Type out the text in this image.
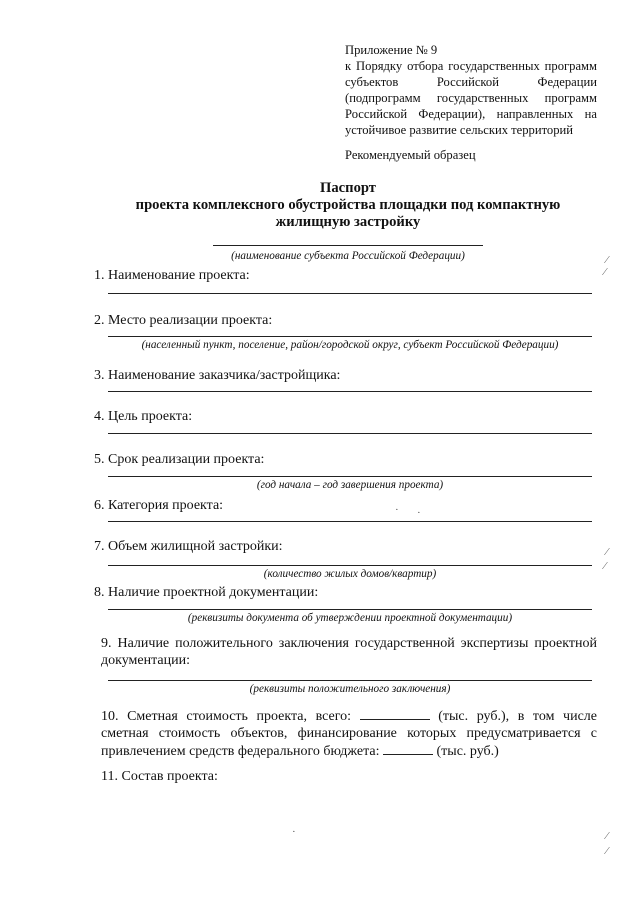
Приложение № 9
к Порядку отбора государственных программ субъектов Российской Федерации (подпрограмм государственных программ Российской Федерации), направленных на устойчивое развитие сельских территорий
Рекомендуемый образец
Паспорт
проекта комплексного обустройства площадки под компактную
жилищную застройку
(наименование субъекта Российской Федерации)
1. Наименование проекта:
2. Место реализации проекта:
(населенный пункт, поселение, район/городской округ, субъект Российской Федерации)
3. Наименование заказчика/застройщика:
4. Цель проекта:
5. Срок реализации проекта:
(год начала – год завершения проекта)
6. Категория проекта:
7. Объем жилищной застройки:
(количество жилых домов/квартир)
8. Наличие проектной документации:
(реквизиты документа об утверждении проектной документации)
9. Наличие положительного заключения государственной экспертизы проектной документации:
(реквизиты положительного заключения)
10. Сметная стоимость проекта, всего:	(тыс. руб.), в том числе сметная стоимость объектов, финансирование которых предусматривается с привлечением средств федерального бюджета:	(тыс. руб.)
11. Состав проекта:
⁄
⁄
⁄
⁄
⁄
⁄
·
· ·
